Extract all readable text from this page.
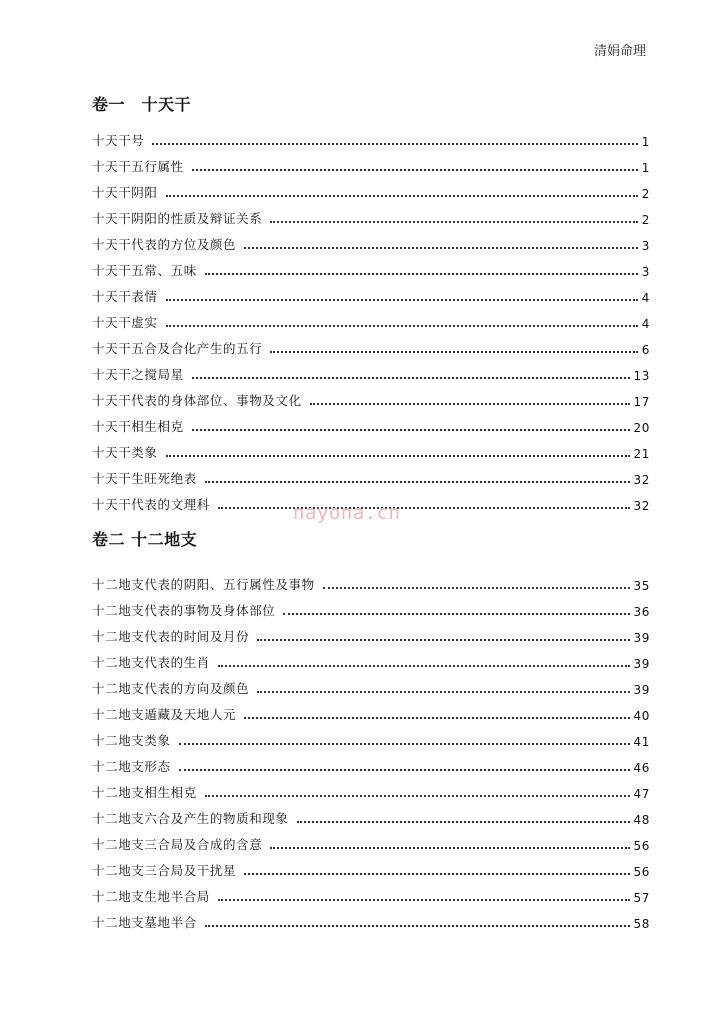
清娟命理
卷一　十天干
十天干号	1
十天干五行属性	1
十天干阴阳	2
十天干阴阳的性质及辩证关系	2
十天干代表的方位及颜色	3
十天干五常、五味	3
十天干表情	4
十天干虚实	4
十天干五合及合化产生的五行	6
十天干之搅局星	13
十天干代表的身体部位、事物及文化	17
十天干相生相克	20
十天干类象	21
十天干生旺死绝表	32
十天干代表的文理科	32
nayona.cn
卷二 十二地支
十二地支代表的阴阳、五行属性及事物	35
十二地支代表的事物及身体部位	36
十二地支代表的时间及月份	39
十二地支代表的生肖	39
十二地支代表的方向及颜色	39
十二地支遁藏及天地人元	40
十二地支类象	41
十二地支形态	46
十二地支相生相克	47
十二地支六合及产生的物质和现象	48
十二地支三合局及合成的含意	56
十二地支三合局及干扰星	56
十二地支生地半合局	57
十二地支墓地半合	58
